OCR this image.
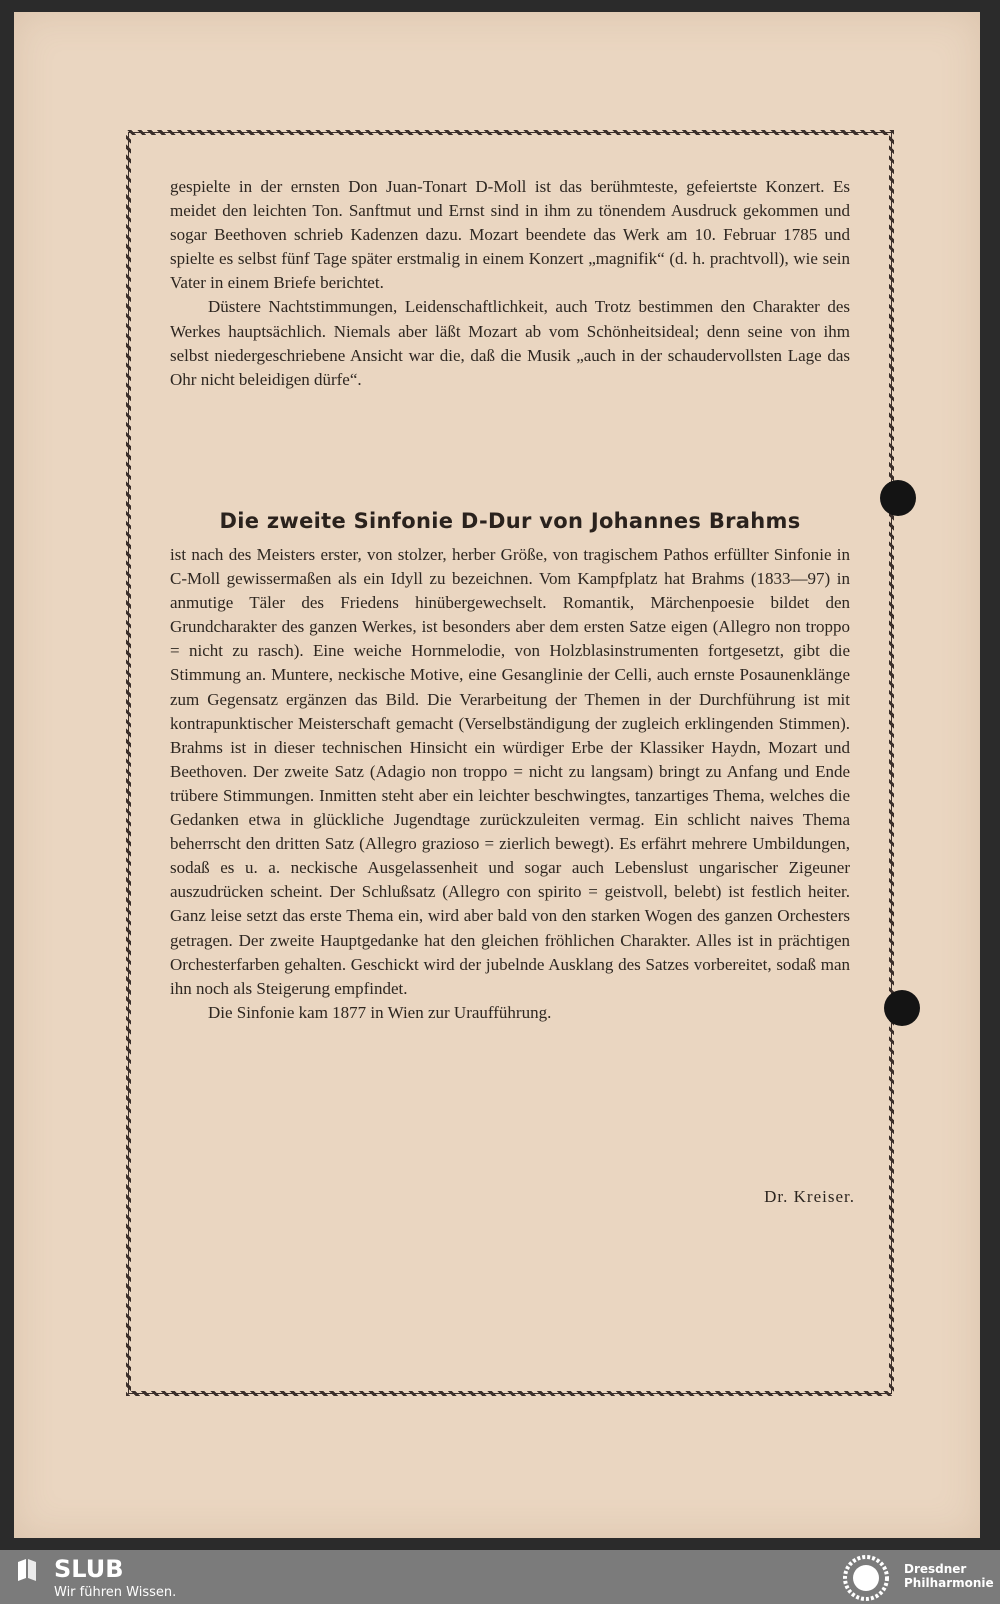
gespielte in der ernsten Don Juan-Tonart D-Moll ist das berühmteste, gefeiertste Konzert. Es meidet den leichten Ton. Sanftmut und Ernst sind in ihm zu tönendem Ausdruck gekommen und sogar Beethoven schrieb Kadenzen dazu. Mozart beendete das Werk am 10. Februar 1785 und spielte es selbst fünf Tage später erstmalig in einem Konzert „magnifik“ (d. h. prachtvoll), wie sein Vater in einem Briefe berichtet.

Düstere Nachtstimmungen, Leidenschaftlichkeit, auch Trotz bestimmen den Charakter des Werkes hauptsächlich. Niemals aber läßt Mozart ab vom Schönheitsideal; denn seine von ihm selbst niedergeschriebene Ansicht war die, daß die Musik „auch in der schaudervollsten Lage das Ohr nicht beleidigen dürfe“.

Die zweite Sinfonie D-Dur von Johannes Brahms

ist nach des Meisters erster, von stolzer, herber Größe, von tragischem Pathos erfüllter Sinfonie in C-Moll gewissermaßen als ein Idyll zu bezeichnen. Vom Kampfplatz hat Brahms (1833—97) in anmutige Täler des Friedens hinübergewechselt. Romantik, Märchenpoesie bildet den Grundcharakter des ganzen Werkes, ist besonders aber dem ersten Satze eigen (Allegro non troppo = nicht zu rasch). Eine weiche Hornmelodie, von Holzblasinstrumenten fortgesetzt, gibt die Stimmung an. Muntere, neckische Motive, eine Gesanglinie der Celli, auch ernste Posaunenklänge zum Gegensatz ergänzen das Bild. Die Verarbeitung der Themen in der Durchführung ist mit kontrapunktischer Meisterschaft gemacht (Verselbständigung der zugleich erklingenden Stimmen). Brahms ist in dieser technischen Hinsicht ein würdiger Erbe der Klassiker Haydn, Mozart und Beethoven. Der zweite Satz (Adagio non troppo = nicht zu langsam) bringt zu Anfang und Ende trübere Stimmungen. Inmitten steht aber ein leichter beschwingtes, tanzartiges Thema, welches die Gedanken etwa in glückliche Jugendtage zurückzuleiten vermag. Ein schlicht naives Thema beherrscht den dritten Satz (Allegro grazioso = zierlich bewegt). Es erfährt mehrere Umbildungen, sodaß es u. a. neckische Ausgelassenheit und sogar auch Lebenslust ungarischer Zigeuner auszudrücken scheint. Der Schlußsatz (Allegro con spirito = geistvoll, belebt) ist festlich heiter. Ganz leise setzt das erste Thema ein, wird aber bald von den starken Wogen des ganzen Orchesters getragen. Der zweite Hauptgedanke hat den gleichen fröhlichen Charakter. Alles ist in prächtigen Orchesterfarben gehalten. Geschickt wird der jubelnde Ausklang des Satzes vorbereitet, sodaß man ihn noch als Steigerung empfindet.

Die Sinfonie kam 1877 in Wien zur Uraufführung.

Dr. Kreiser.
SLUB
Wir führen Wissen.
Dresdner
Philharmonie
